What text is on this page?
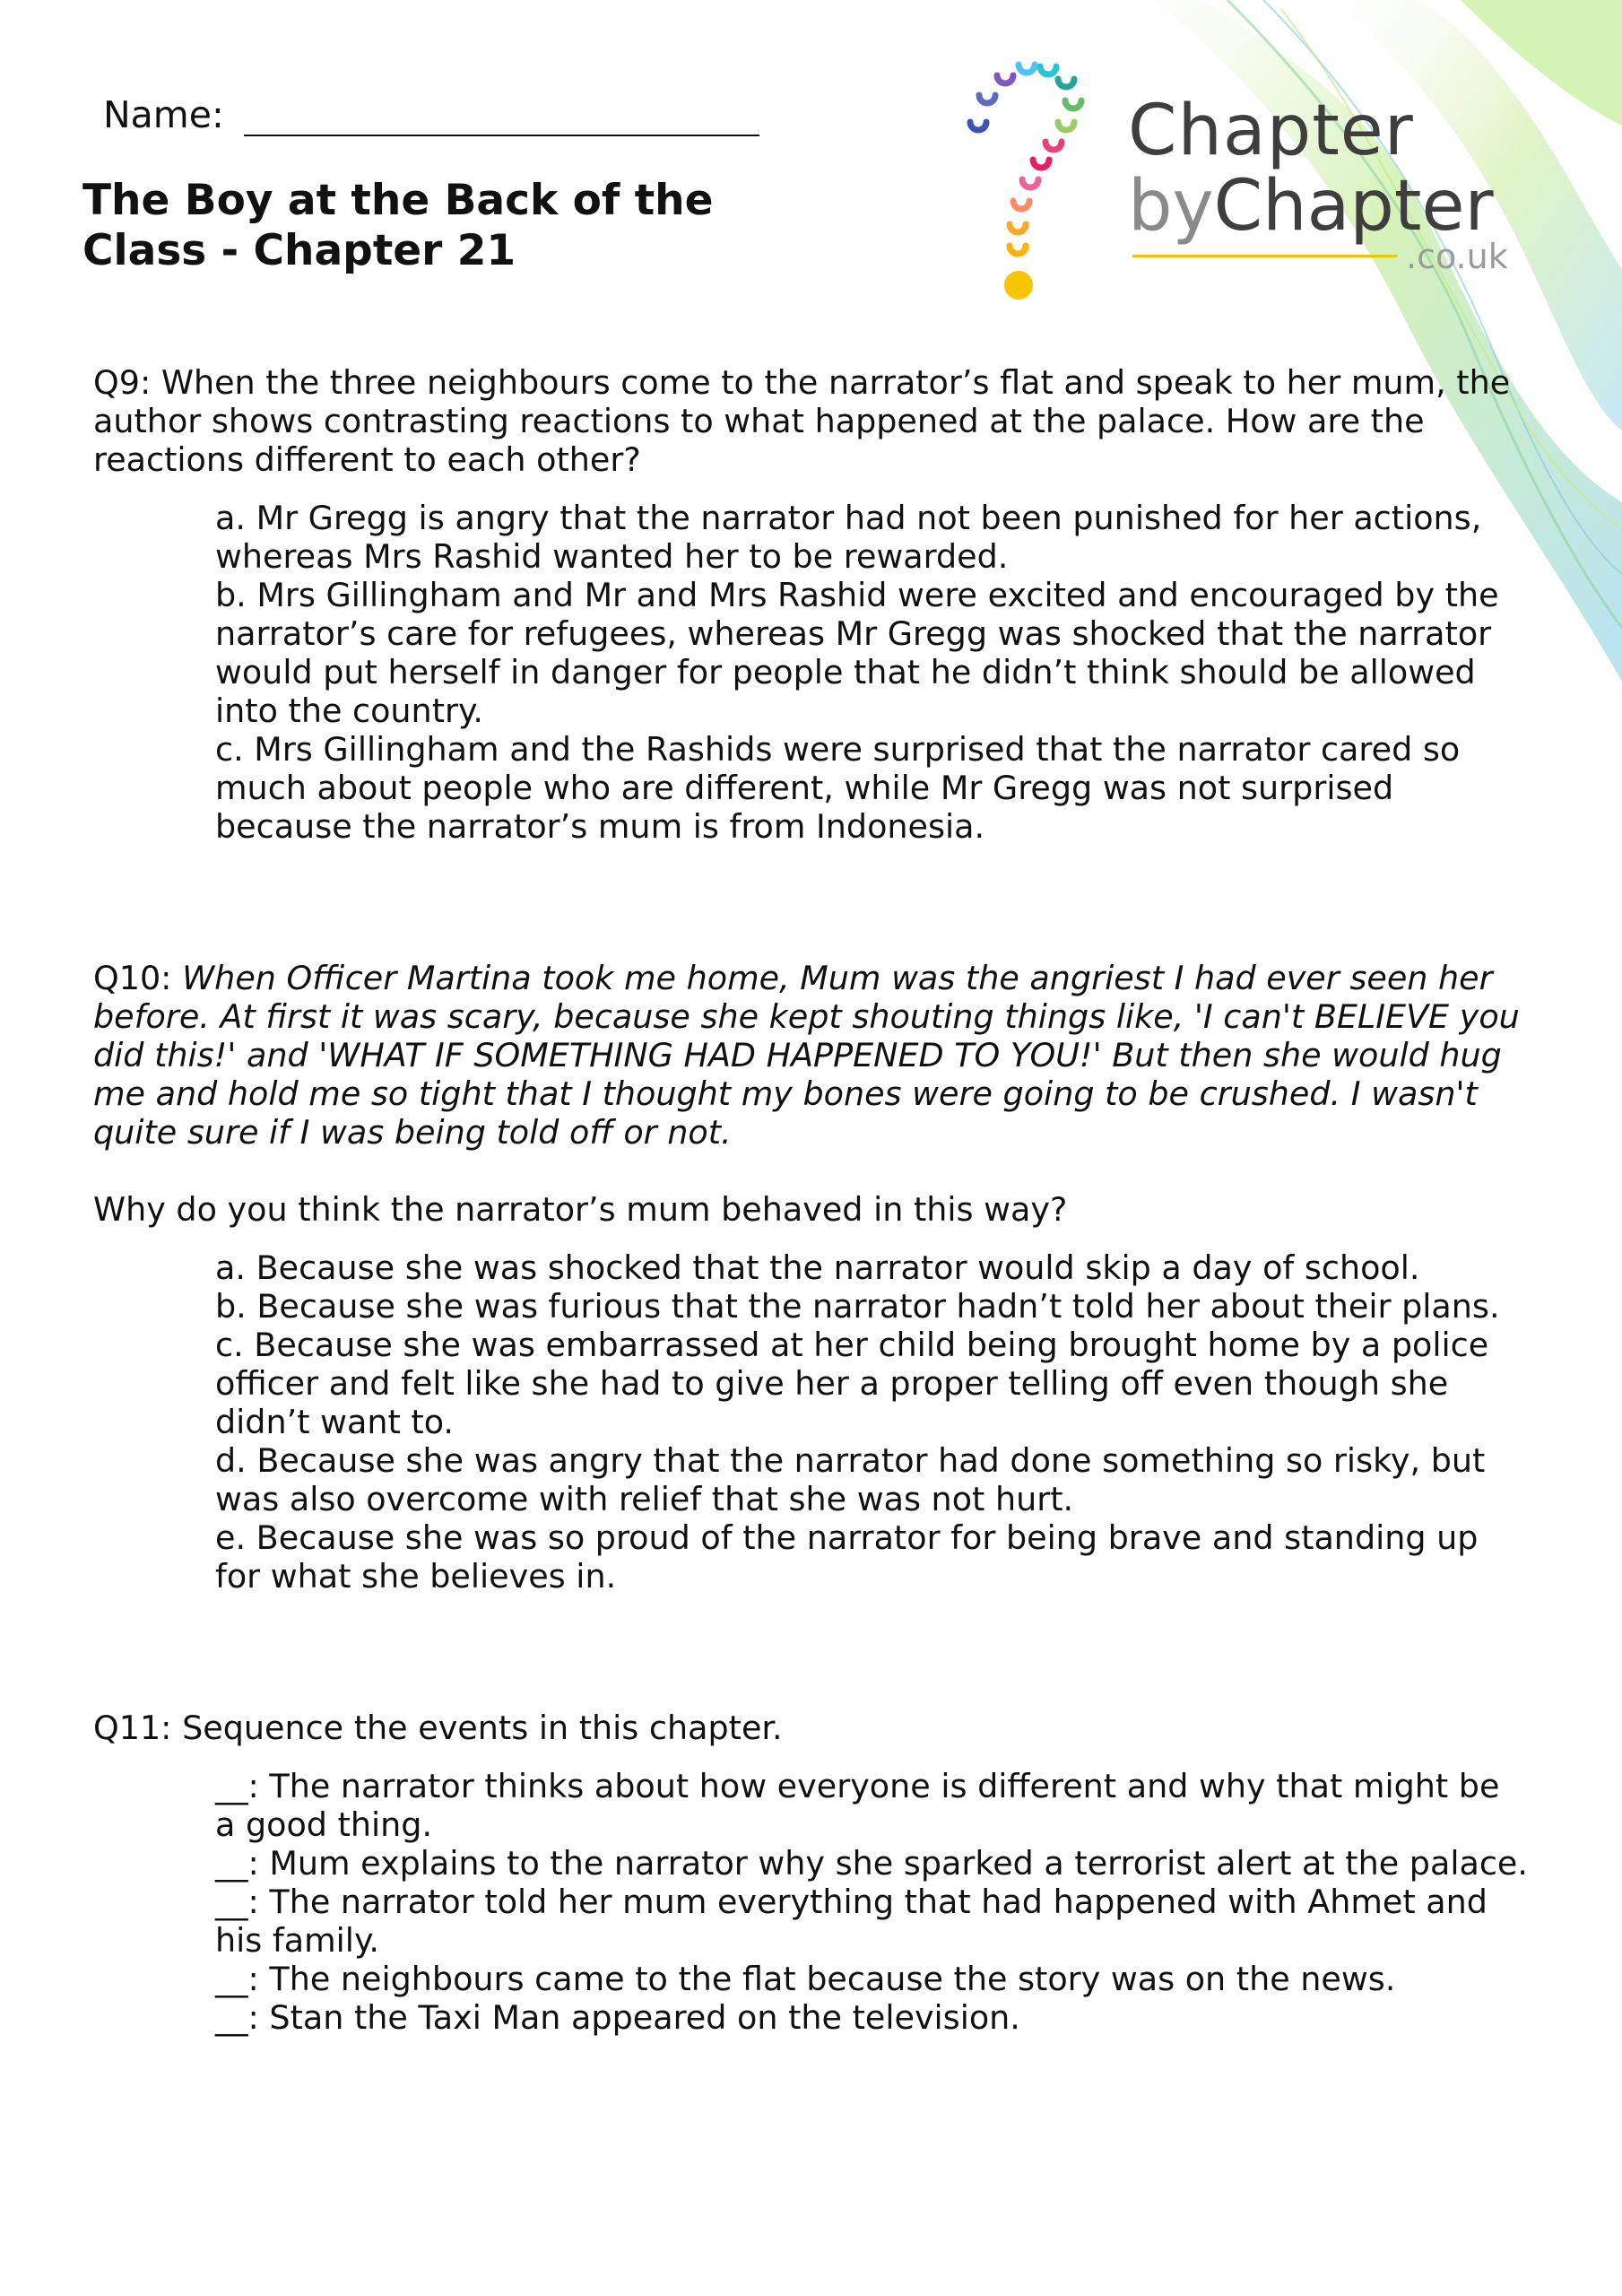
Name:
The Boy at the Back of the Class - Chapter 21
Chapter
byChapter
.co.uk

Q9: When the three neighbours come to the narrator’s flat and speak to her mum, the author shows contrasting reactions to what happened at the palace. How are the reactions different to each other?

a. Mr Gregg is angry that the narrator had not been punished for her actions, whereas Mrs Rashid wanted her to be rewarded.
b. Mrs Gillingham and Mr and Mrs Rashid were excited and encouraged by the narrator’s care for refugees, whereas Mr Gregg was shocked that the narrator would put herself in danger for people that he didn’t think should be allowed into the country.
c. Mrs Gillingham and the Rashids were surprised that the narrator cared so much about people who are different, while Mr Gregg was not surprised because the narrator’s mum is from Indonesia.

Q10: When Officer Martina took me home, Mum was the angriest I had ever seen her before. At first it was scary, because she kept shouting things like, 'I can't BELIEVE you did this!' and 'WHAT IF SOMETHING HAD HAPPENED TO YOU!' But then she would hug me and hold me so tight that I thought my bones were going to be crushed. I wasn't quite sure if I was being told off or not.

Why do you think the narrator’s mum behaved in this way?

a. Because she was shocked that the narrator would skip a day of school.
b. Because she was furious that the narrator hadn’t told her about their plans.
c. Because she was embarrassed at her child being brought home by a police officer and felt like she had to give her a proper telling off even though she didn’t want to.
d. Because she was angry that the narrator had done something so risky, but was also overcome with relief that she was not hurt.
e. Because she was so proud of the narrator for being brave and standing up for what she believes in.

Q11: Sequence the events in this chapter.

__: The narrator thinks about how everyone is different and why that might be a good thing.
__: Mum explains to the narrator why she sparked a terrorist alert at the palace.
__: The narrator told her mum everything that had happened with Ahmet and his family.
__: The neighbours came to the flat because the story was on the news.
__: Stan the Taxi Man appeared on the television.
